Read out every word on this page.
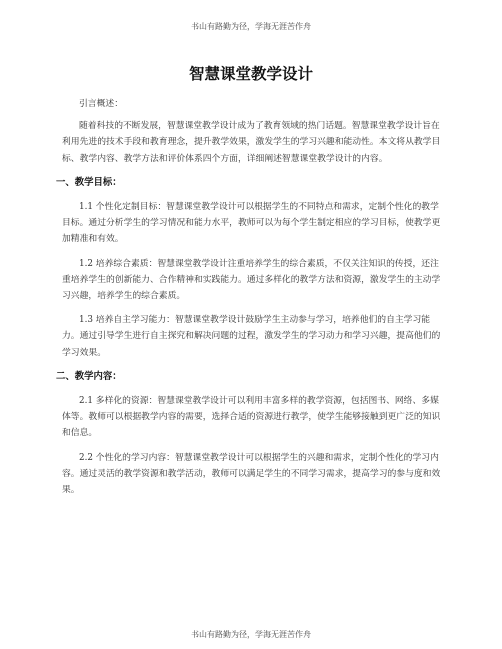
书山有路勤为径，学海无涯苦作舟
智慧课堂教学设计

引言概述：

随着科技的不断发展，智慧课堂教学设计成为了教育领域的热门话题。智慧课堂教学设计旨在利用先进的技术手段和教育理念，提升教学效果，激发学生的学习兴趣和能动性。本文将从教学目标、教学内容、教学方法和评价体系四个方面，详细阐述智慧课堂教学设计的内容。

一、教学目标：

1.1 个性化定制目标：智慧课堂教学设计可以根据学生的不同特点和需求，定制个性化的教学目标。通过分析学生的学习情况和能力水平，教师可以为每个学生制定相应的学习目标，使教学更加精准和有效。

1.2 培养综合素质：智慧课堂教学设计注重培养学生的综合素质，不仅关注知识的传授，还注重培养学生的创新能力、合作精神和实践能力。通过多样化的教学方法和资源，激发学生的主动学习兴趣，培养学生的综合素质。

1.3 培养自主学习能力：智慧课堂教学设计鼓励学生主动参与学习，培养他们的自主学习能力。通过引导学生进行自主探究和解决问题的过程，激发学生的学习动力和学习兴趣，提高他们的学习效果。

二、教学内容：

2.1 多样化的资源：智慧课堂教学设计可以利用丰富多样的教学资源，包括图书、网络、多媒体等。教师可以根据教学内容的需要，选择合适的资源进行教学，使学生能够接触到更广泛的知识和信息。

2.2 个性化的学习内容：智慧课堂教学设计可以根据学生的兴趣和需求，定制个性化的学习内容。通过灵活的教学资源和教学活动，教师可以满足学生的不同学习需求，提高学习的参与度和效果。

书山有路勤为径，学海无涯苦作舟
